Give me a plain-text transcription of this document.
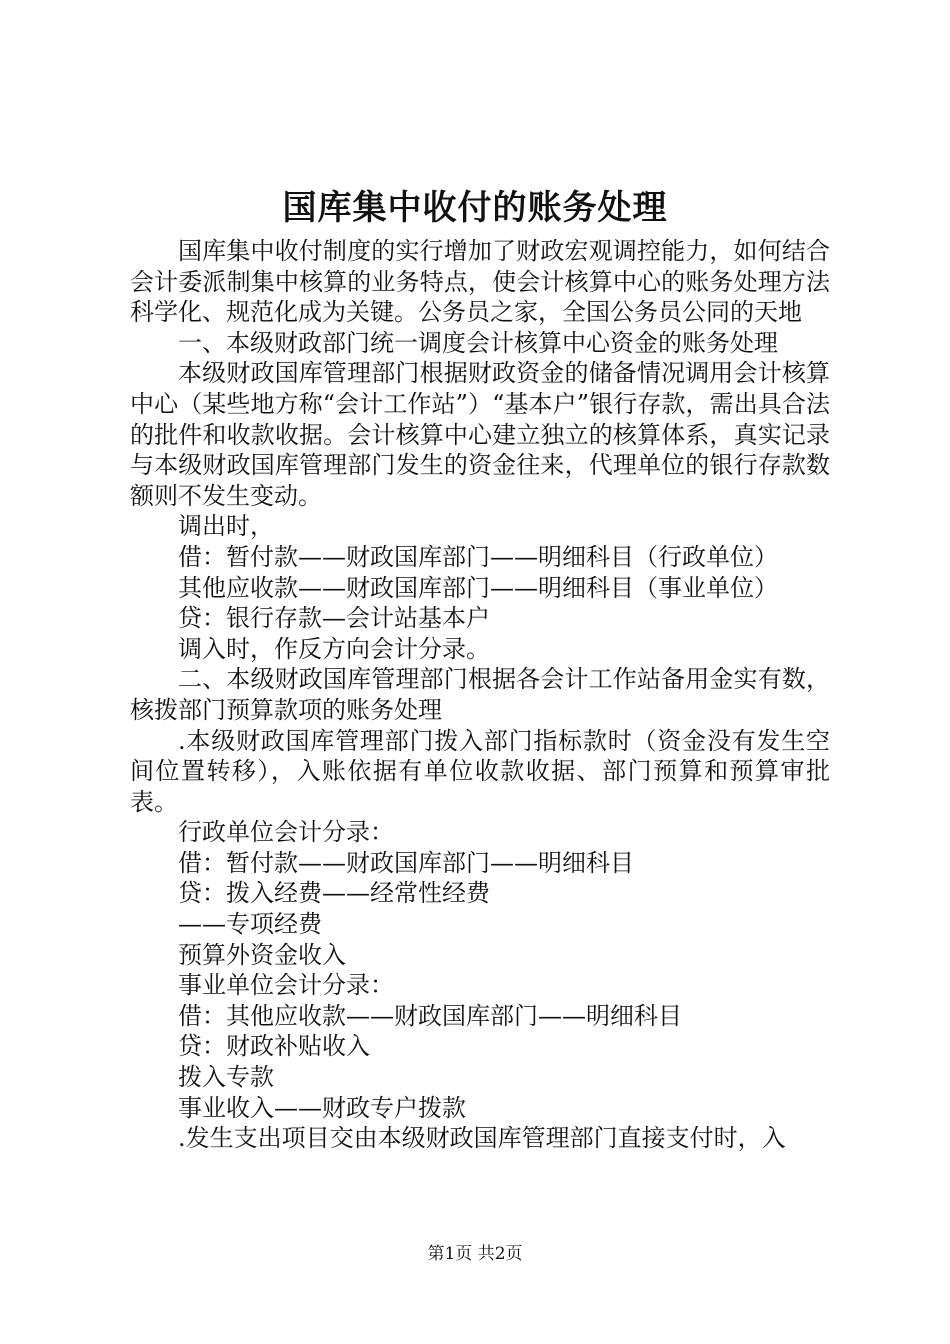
国库集中收付的账务处理

国库集中收付制度的实行增加了财政宏观调控能力，如何结合会计委派制集中核算的业务特点，使会计核算中心的账务处理方法科学化、规范化成为关键。公务员之家，全国公务员公同的天地

一、本级财政部门统一调度会计核算中心资金的账务处理

本级财政国库管理部门根据财政资金的储备情况调用会计核算中心（某些地方称“会计工作站”）“基本户”银行存款，需出具合法的批件和收款收据。会计核算中心建立独立的核算体系，真实记录与本级财政国库管理部门发生的资金往来，代理单位的银行存款数额则不发生变动。

调出时，

借：暂付款——财政国库部门——明细科目（行政单位）

其他应收款——财政国库部门——明细科目（事业单位）

贷：银行存款—会计站基本户

调入时，作反方向会计分录。

二、本级财政国库管理部门根据各会计工作站备用金实有数，核拨部门预算款项的账务处理

.本级财政国库管理部门拨入部门指标款时（资金没有发生空间位置转移），入账依据有单位收款收据、部门预算和预算审批表。

行政单位会计分录：

借：暂付款——财政国库部门——明细科目

贷：拨入经费——经常性经费

——专项经费

预算外资金收入

事业单位会计分录：

借：其他应收款——财政国库部门——明细科目

贷：财政补贴收入

拨入专款

事业收入——财政专户拨款

.发生支出项目交由本级财政国库管理部门直接支付时，入

第1页 共2页
